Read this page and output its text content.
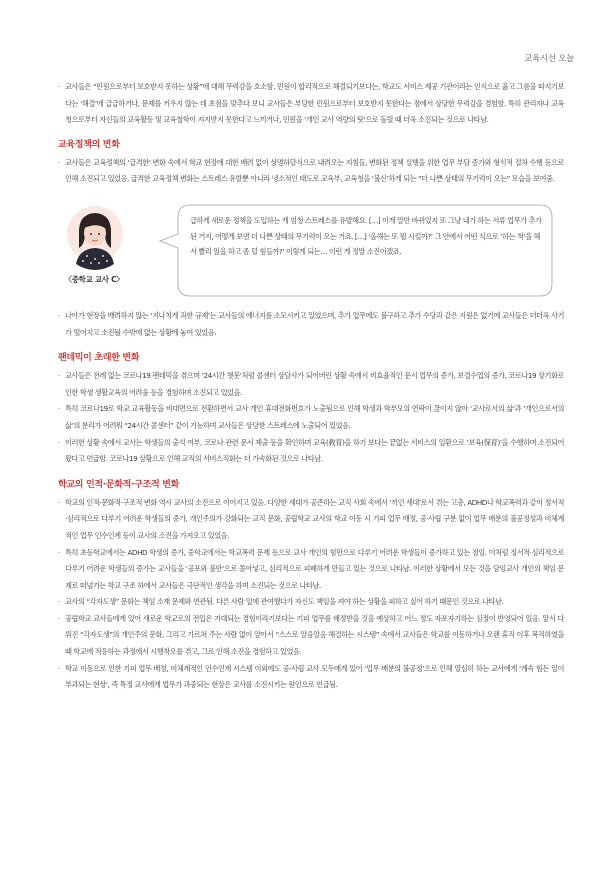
교육시선 오늘

· 교사들은 “민원으로부터 보호받지 못하는 상황”에 대해 무력감을 호소함. 민원이 합리적으로 해결되기보다는, 학교도 서비스 제공 기관이라는 인식으로 옳고 그름을 따지기보다는 ‘해결’에 급급하거나, 문제를 키우지 않는 데 초점을 맞추다 보니 교사들은 부당한 민원으로부터 보호받지 못한다는 점에서 상당한 무력감을 경험함. 특히 관리자나 교육청으로부터 자신들의 교육활동 및 교육철학이 지지받지 못한다고 느끼거나, 민원을 ‘개인 교사 역량의 탓’으로 돌릴 때 더욱 소진되는 것으로 나타남.

교육정책의 변화

· 교사들은 교육정책의 ‘급격한’ 변화 속에서 학교 현장에 대한 배려 없이 상명하달식으로 내려오는 지침들, 변화된 정책 실행을 위한 업무 부담 증가와 형식적 절차 수행 등으로 인해 소진되고 있었음. 급격한 교육정책 변화는 스트레스 유발뿐 아니라 냉소적인 태도로 교육부, 교육청을 ‘불신’하게 되는 “더 나쁜 상태의 무기력이 오는” 모습을 보여줌.

〈중학교 교사 C〉
급하게 새로운 정책을 도입하는 게 엄청 스트레스를 유발해요. […] 이게 말만 바뀌었지 또 그냥 내가 하는 서류 업무가 추가된 거지, 어떻게 보면 더 나쁜 상태의 무기력이 오는 거죠. […] ‘올해는 또 뭘 시킬까?’ 그 안에서 어떤 식으로 ‘하는 척’을 해서 빨리 일을 하고 좀 덜 힘들까?’ 이렇게 되는… 이런 게 정말 소진이겠죠.

· 나아가 현장을 배려하지 않는 ‘지나치게 과한 규제’는 교사들의 에너지를 소모시키고 있었으며, 추가 업무에도 불구하고 추가 수당과 같은 지원은 없기에 교사들은 더더욱 사기가 떨어지고 소진될 수밖에 없는 상황에 놓여 있었음.

팬데믹이 초래한 변화

· 교사들은 전례 없는 코로나19 팬데믹을 겪으며 ‘24시간 챗봇’처럼 콜센터 상담사가 되어버린 상황 속에서 비효율적인 문서 업무의 증가, 보결수업의 증가, 코로나19 장기화로 인한 학생 생활교육의 어려움 등을 경험하며 소진되고 있었음.

· 특히 코로나19로 학교 교육활동을 비대면으로 전환하면서 교사 개인 휴대전화번호가 노출됨으로 인해 학생과 학부모의 연락이 끊이지 않아 ‘교사로서의 삶’과 ‘개인으로서의 삶’의 분리가 어려워 “24시간 콜센터” 같이 기능하며 교사들은 상당한 스트레스에 노출되어 있었음.

· 이러한 상황 속에서 교사는 학생들의 출석 여부, 코로나 관련 문서 제출 등을 확인하며 교육(敎育)을 하기 보다는 끝없는 서비스의 일환으로 ‘보육(保育)’을 수행하며 소진되어 왔다고 언급함. 코로나19 상황으로 인해 교직의 서비스직화는 더 가속화된 것으로 나타남.

학교의 인적·문화적·구조적 변화

· 학교의 인적·문화적·구조적 변화 역시 교사의 소진으로 이어지고 있음. 다양한 세대가 공존하는 교직 사회 속에서 ‘끼인 세대’로서 겪는 고충, ADHD나 학교폭력과 같이 정서적·심리적으로 다루기 어려운 학생들의 증가, 개인주의가 강화되는 교직 문화, 공립학교 교사의 학교 이동 시 기피 업무 배정, 공·사립 구분 없이 업무 배분의 불공정성과 비체계적인 업무 인수인계 등이 교사의 소진을 가져오고 있었음.

· 특히 초등학교에서는 ADHD 학생의 증가, 중학교에서는 학교폭력 문제 등으로 교사 개인의 힘만으로 다루기 어려운 학생들이 증가하고 있는 점임. 이처럼 정서적·심리적으로 다루기 어려운 학생들의 증가는 교사들을 ‘공포와 불안’으로 몰아넣고, 심리적으로 피폐하게 만들고 있는 것으로 나타남. 이러한 상황에서 모든 것을 담임교사 개인의 책임 문제로 떠넘기는 학교 구조 하에서 교사들은 극단적인 생각을 하며 소진되는 것으로 나타남.

· 교사의 “각자도생” 문화는 책임 소재 문제와 연관됨. 다른 사람 일에 관여했다가 자신도 책임을 져야 하는 상황을 피하고 싶어 하기 때문인 것으로 나타남.

· 공립학교 교사들에게 있어 새로운 학교로의 전입은 기대되는 경험이라기보다는 기피 업무를 배정받을 것을 예상하고 어느 정도 자포자기하는 심정이 반영되어 있음. 앞서 다뤄진 “각자도생”의 개인주의 문화, 그리고 가르쳐 주는 사람 없이 알아서 “스스로 알음알음 해결하는 시스템” 속에서 교사들은 학교를 이동하거나 오랜 휴직 이후 복직하였을 때 학교에 적응하는 과정에서 시행착오를 겪고, 그로 인해 소진을 경험하고 있었음.

· 학교 이동으로 인한 기피 업무 배정, 비체계적인 인수인계 시스템 이외에도 공·사립 교사 모두에게 있어 ‘업무 배분의 불공정’으로 인해 열심히 하는 교사에게 ‘계속 힘든 일이 부과되는 현상’, 즉 특정 교사에게 업무가 과중되는 현상은 교사를 소진시키는 원인으로 언급됨.
